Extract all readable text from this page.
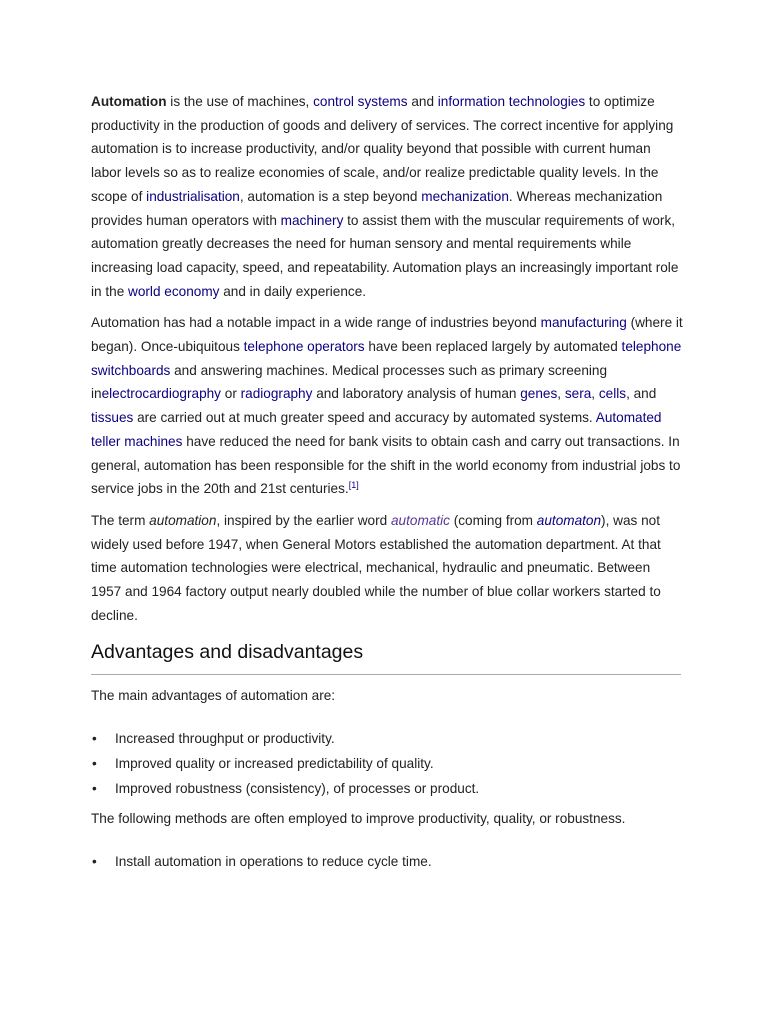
Automation is the use of machines, control systems and information technologies to optimize productivity in the production of goods and delivery of services. The correct incentive for applying automation is to increase productivity, and/or quality beyond that possible with current human labor levels so as to realize economies of scale, and/or realize predictable quality levels. In the scope of industrialisation, automation is a step beyond mechanization. Whereas mechanization provides human operators with machinery to assist them with the muscular requirements of work, automation greatly decreases the need for human sensory and mental requirements while increasing load capacity, speed, and repeatability. Automation plays an increasingly important role in the world economy and in daily experience.

Automation has had a notable impact in a wide range of industries beyond manufacturing (where it began). Once-ubiquitous telephone operators have been replaced largely by automated telephone switchboards and answering machines. Medical processes such as primary screening inelectrocardiography or radiography and laboratory analysis of human genes, sera, cells, and tissues are carried out at much greater speed and accuracy by automated systems. Automated teller machines have reduced the need for bank visits to obtain cash and carry out transactions. In general, automation has been responsible for the shift in the world economy from industrial jobs to service jobs in the 20th and 21st centuries.[1]

The term automation, inspired by the earlier word automatic (coming from automaton), was not widely used before 1947, when General Motors established the automation department. At that time automation technologies were electrical, mechanical, hydraulic and pneumatic. Between 1957 and 1964 factory output nearly doubled while the number of blue collar workers started to decline.

Advantages and disadvantages

The main advantages of automation are:

• Increased throughput or productivity.
• Improved quality or increased predictability of quality.
• Improved robustness (consistency), of processes or product.

The following methods are often employed to improve productivity, quality, or robustness.

• Install automation in operations to reduce cycle time.
